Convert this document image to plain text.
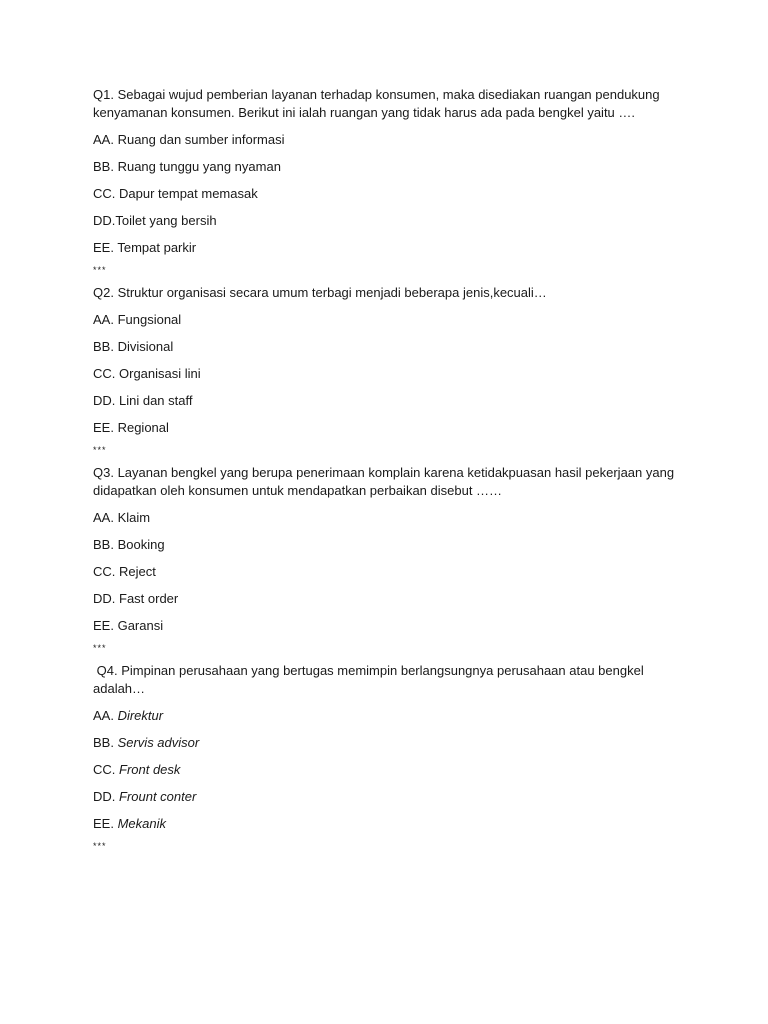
Q1. Sebagai wujud pemberian layanan terhadap konsumen, maka disediakan ruangan pendukung kenyamanan konsumen. Berikut ini ialah ruangan yang tidak harus ada pada bengkel yaitu ….

AA. Ruang dan sumber informasi
BB. Ruang tunggu yang nyaman
CC. Dapur tempat memasak
DD.Toilet yang bersih
EE. Tempat parkir
***

Q2. Struktur organisasi secara umum terbagi menjadi beberapa jenis,kecuali…

AA. Fungsional
BB. Divisional
CC. Organisasi lini
DD. Lini dan staff
EE. Regional
***

Q3. Layanan bengkel yang berupa penerimaan komplain karena ketidakpuasan hasil pekerjaan yang didapatkan oleh konsumen untuk mendapatkan perbaikan disebut ……

AA. Klaim
BB. Booking
CC. Reject
DD. Fast order
EE. Garansi
***

Q4. Pimpinan perusahaan yang bertugas memimpin berlangsungnya perusahaan atau bengkel adalah…

AA. Direktur
BB. Servis advisor
CC. Front desk
DD. Frount conter
EE. Mekanik
***
